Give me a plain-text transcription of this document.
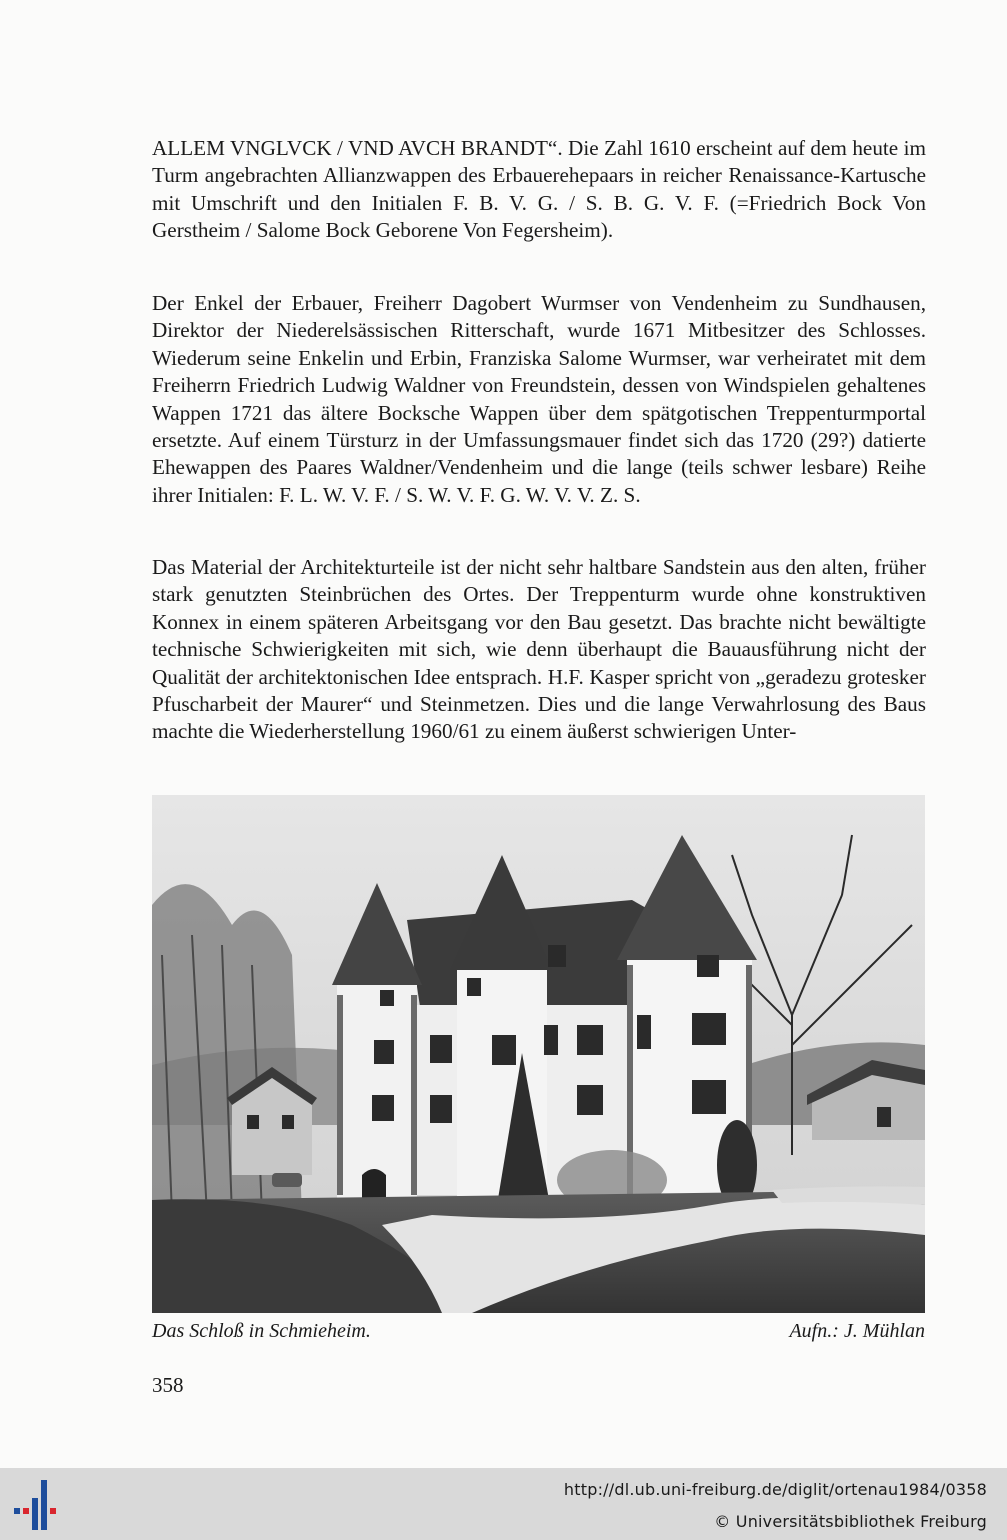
ALLEM VNGLVCK / VND AVCH BRANDT“. Die Zahl 1610 erscheint auf dem heute im Turm angebrachten Allianzwappen des Erbauerehepaars in reicher Renaissance-Kartusche mit Umschrift und den Initialen F. B. V. G. / S. B. G. V. F. (=Friedrich Bock Von Gerstheim / Salome Bock Geborene Von Fegersheim).

Der Enkel der Erbauer, Freiherr Dagobert Wurmser von Vendenheim zu Sundhausen, Direktor der Niederelsässischen Ritterschaft, wurde 1671 Mitbesitzer des Schlosses. Wiederum seine Enkelin und Erbin, Franziska Salome Wurmser, war verheiratet mit dem Freiherrn Friedrich Ludwig Waldner von Freundstein, dessen von Windspielen gehaltenes Wappen 1721 das ältere Bocksche Wappen über dem spätgotischen Treppenturmportal ersetzte. Auf einem Türsturz in der Umfassungsmauer findet sich das 1720 (29?) datierte Ehewappen des Paares Waldner/Vendenheim und die lange (teils schwer lesbare) Reihe ihrer Initialen: F. L. W. V. F. / S. W. V. F. G. W. V. V. Z. S.

Das Material der Architekturteile ist der nicht sehr haltbare Sandstein aus den alten, früher stark genutzten Steinbrüchen des Ortes. Der Treppenturm wurde ohne konstruktiven Konnex in einem späteren Arbeitsgang vor den Bau gesetzt. Das brachte nicht bewältigte technische Schwierigkeiten mit sich, wie denn überhaupt die Bauausführung nicht der Qualität der architektonischen Idee entsprach. H.F. Kasper spricht von „geradezu grotesker Pfuscharbeit der Maurer“ und Steinmetzen. Dies und die lange Verwahrlosung des Baus machte die Wiederherstellung 1960/61 zu einem äußerst schwierigen Unter-

Das Schloß in Schmieheim.	Aufn.: J. Mühlan

358

http://dl.ub.uni-freiburg.de/diglit/ortenau1984/0358
© Universitätsbibliothek Freiburg
